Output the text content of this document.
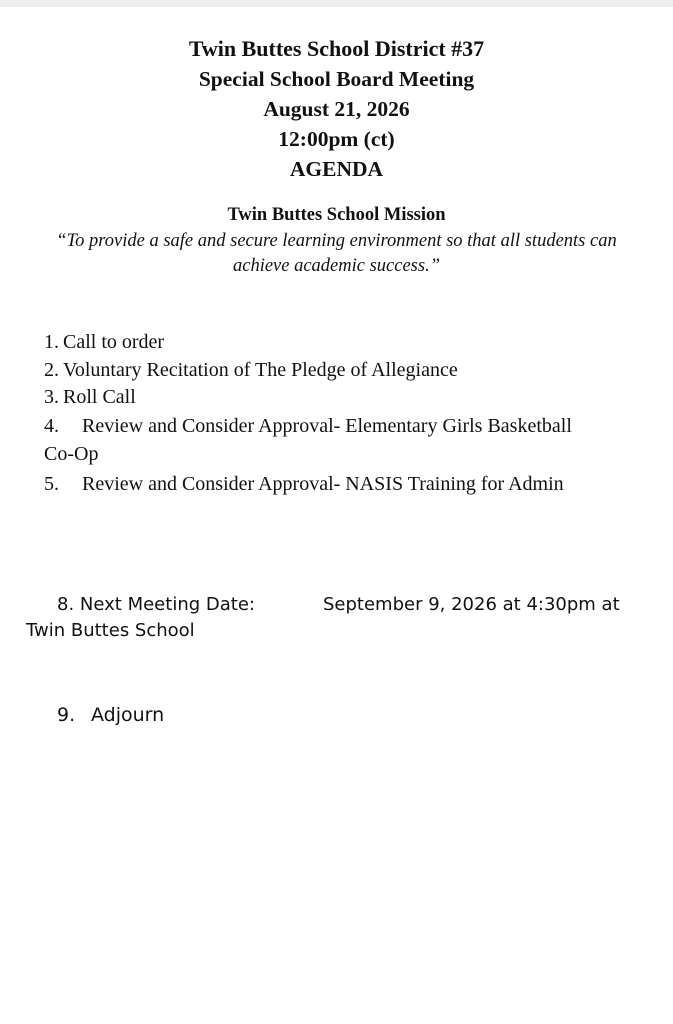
Twin Buttes School District #37
Special School Board Meeting
August 21, 2026
12:00pm (ct)
AGENDA
Twin Buttes School Mission
“To provide a safe and secure learning environment so that all students can achieve academic success.”
1. Call to order
2. Voluntary Recitation of The Pledge of Allegiance
3. Roll Call
4. Review and Consider Approval- Elementary Girls Basketball
Co-Op
5. Review and Consider Approval- NASIS Training for Admin
8. Next Meeting Date:	September 9, 2026 at 4:30pm at
Twin Buttes School
9. Adjourn
